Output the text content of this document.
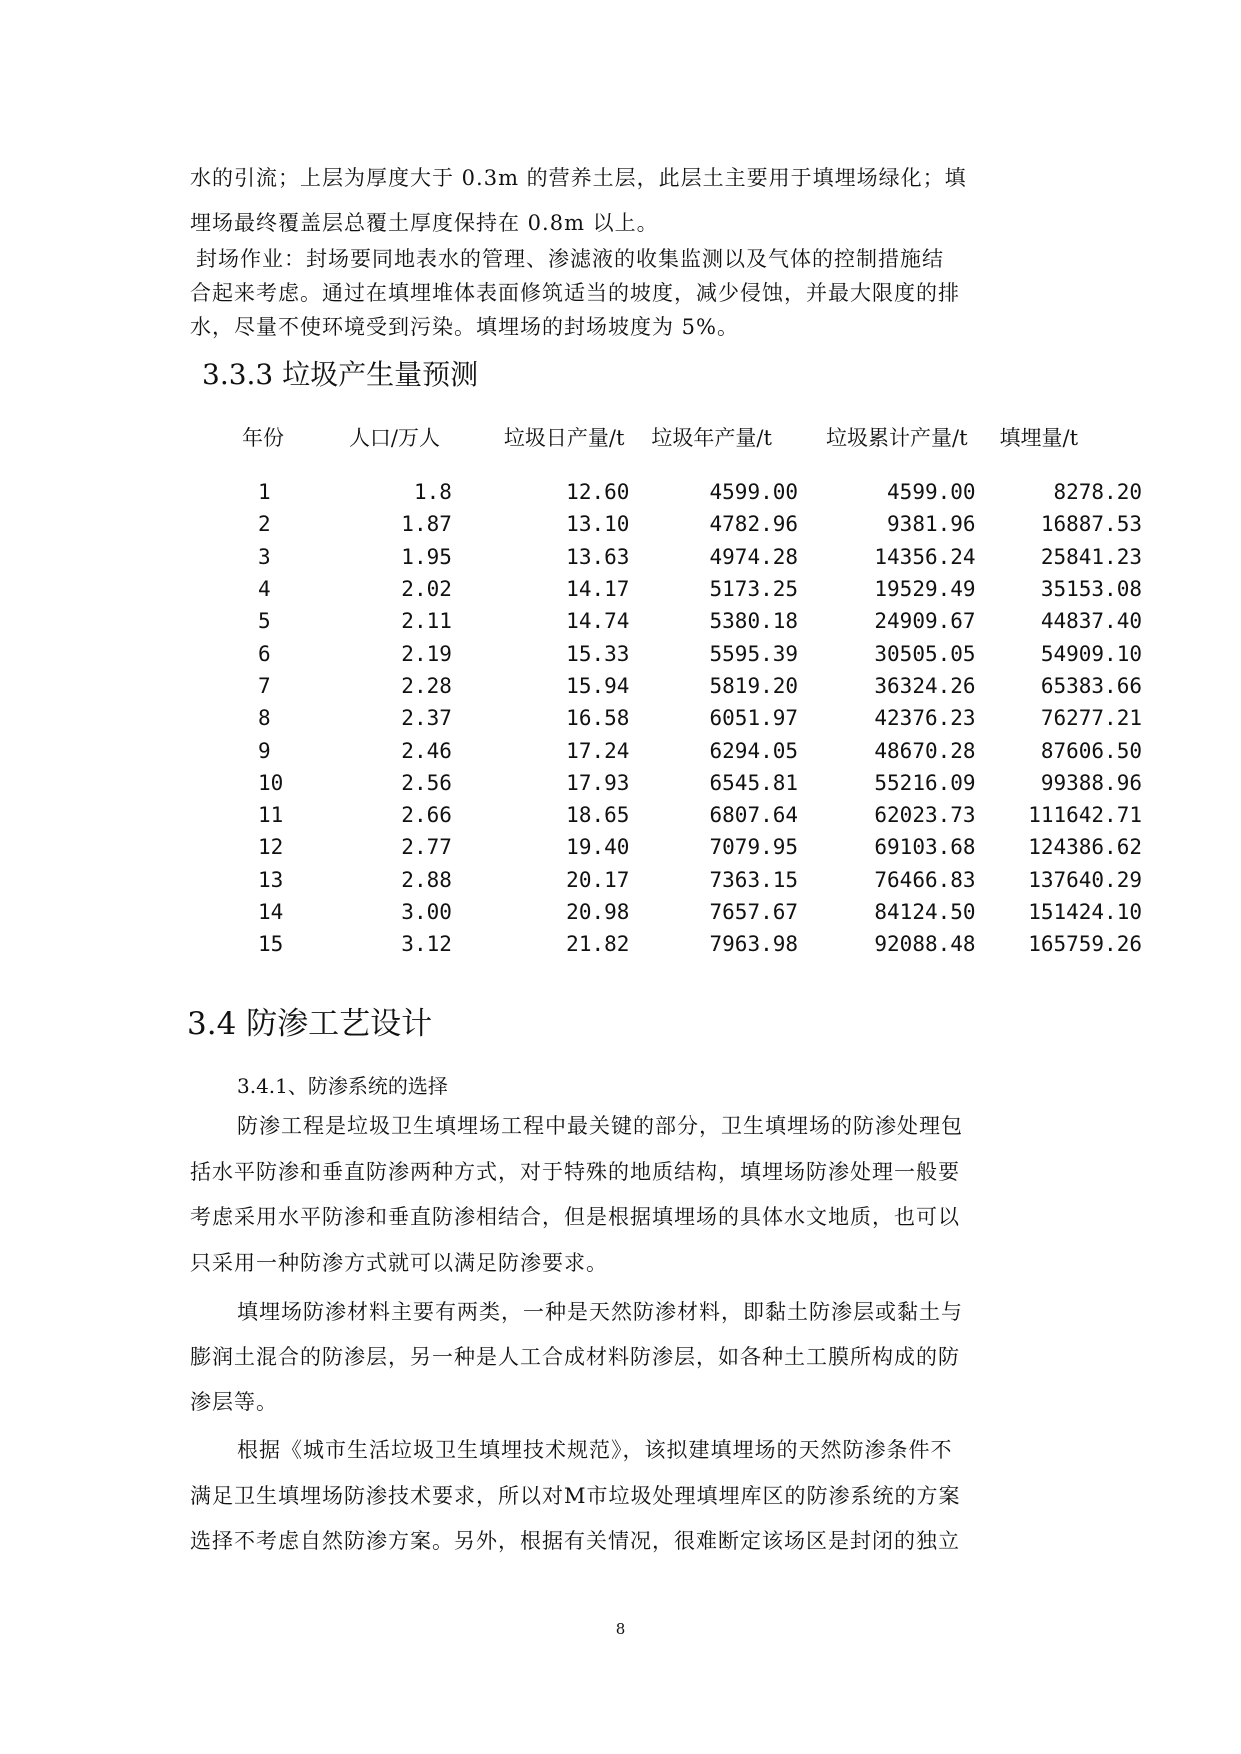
水的引流；上层为厚度大于 0.3m 的营养土层，此层土主要用于填埋场绿化；填
埋场最终覆盖层总覆土厚度保持在 0.8m 以上。
封场作业：封场要同地表水的管理、渗滤液的收集监测以及气体的控制措施结
合起来考虑。通过在填埋堆体表面修筑适当的坡度，减少侵蚀，并最大限度的排
水，尽量不使环境受到污染。填埋场的封场坡度为 5%。
3.3.3 垃圾产生量预测
年份	人口/万人	垃圾日产量/t	垃圾年产量/t	垃圾累计产量/t	填埋量/t
1	1.8	12.60	4599.00	4599.00	8278.20
2	1.87	13.10	4782.96	9381.96	16887.53
3	1.95	13.63	4974.28	14356.24	25841.23
4	2.02	14.17	5173.25	19529.49	35153.08
5	2.11	14.74	5380.18	24909.67	44837.40
6	2.19	15.33	5595.39	30505.05	54909.10
7	2.28	15.94	5819.20	36324.26	65383.66
8	2.37	16.58	6051.97	42376.23	76277.21
9	2.46	17.24	6294.05	48670.28	87606.50
10	2.56	17.93	6545.81	55216.09	99388.96
11	2.66	18.65	6807.64	62023.73	111642.71
12	2.77	19.40	7079.95	69103.68	124386.62
13	2.88	20.17	7363.15	76466.83	137640.29
14	3.00	20.98	7657.67	84124.50	151424.10
15	3.12	21.82	7963.98	92088.48	165759.26
3.4 防渗工艺设计
3.4.1、防渗系统的选择
防渗工程是垃圾卫生填埋场工程中最关键的部分，卫生填埋场的防渗处理包
括水平防渗和垂直防渗两种方式，对于特殊的地质结构，填埋场防渗处理一般要
考虑采用水平防渗和垂直防渗相结合，但是根据填埋场的具体水文地质，也可以
只采用一种防渗方式就可以满足防渗要求。
填埋场防渗材料主要有两类，一种是天然防渗材料，即黏土防渗层或黏土与
膨润土混合的防渗层，另一种是人工合成材料防渗层，如各种土工膜所构成的防
渗层等。
根据《城市生活垃圾卫生填埋技术规范》，该拟建填埋场的天然防渗条件不
满足卫生填埋场防渗技术要求，所以对M市垃圾处理填埋库区的防渗系统的方案
选择不考虑自然防渗方案。另外，根据有关情况，很难断定该场区是封闭的独立
8
